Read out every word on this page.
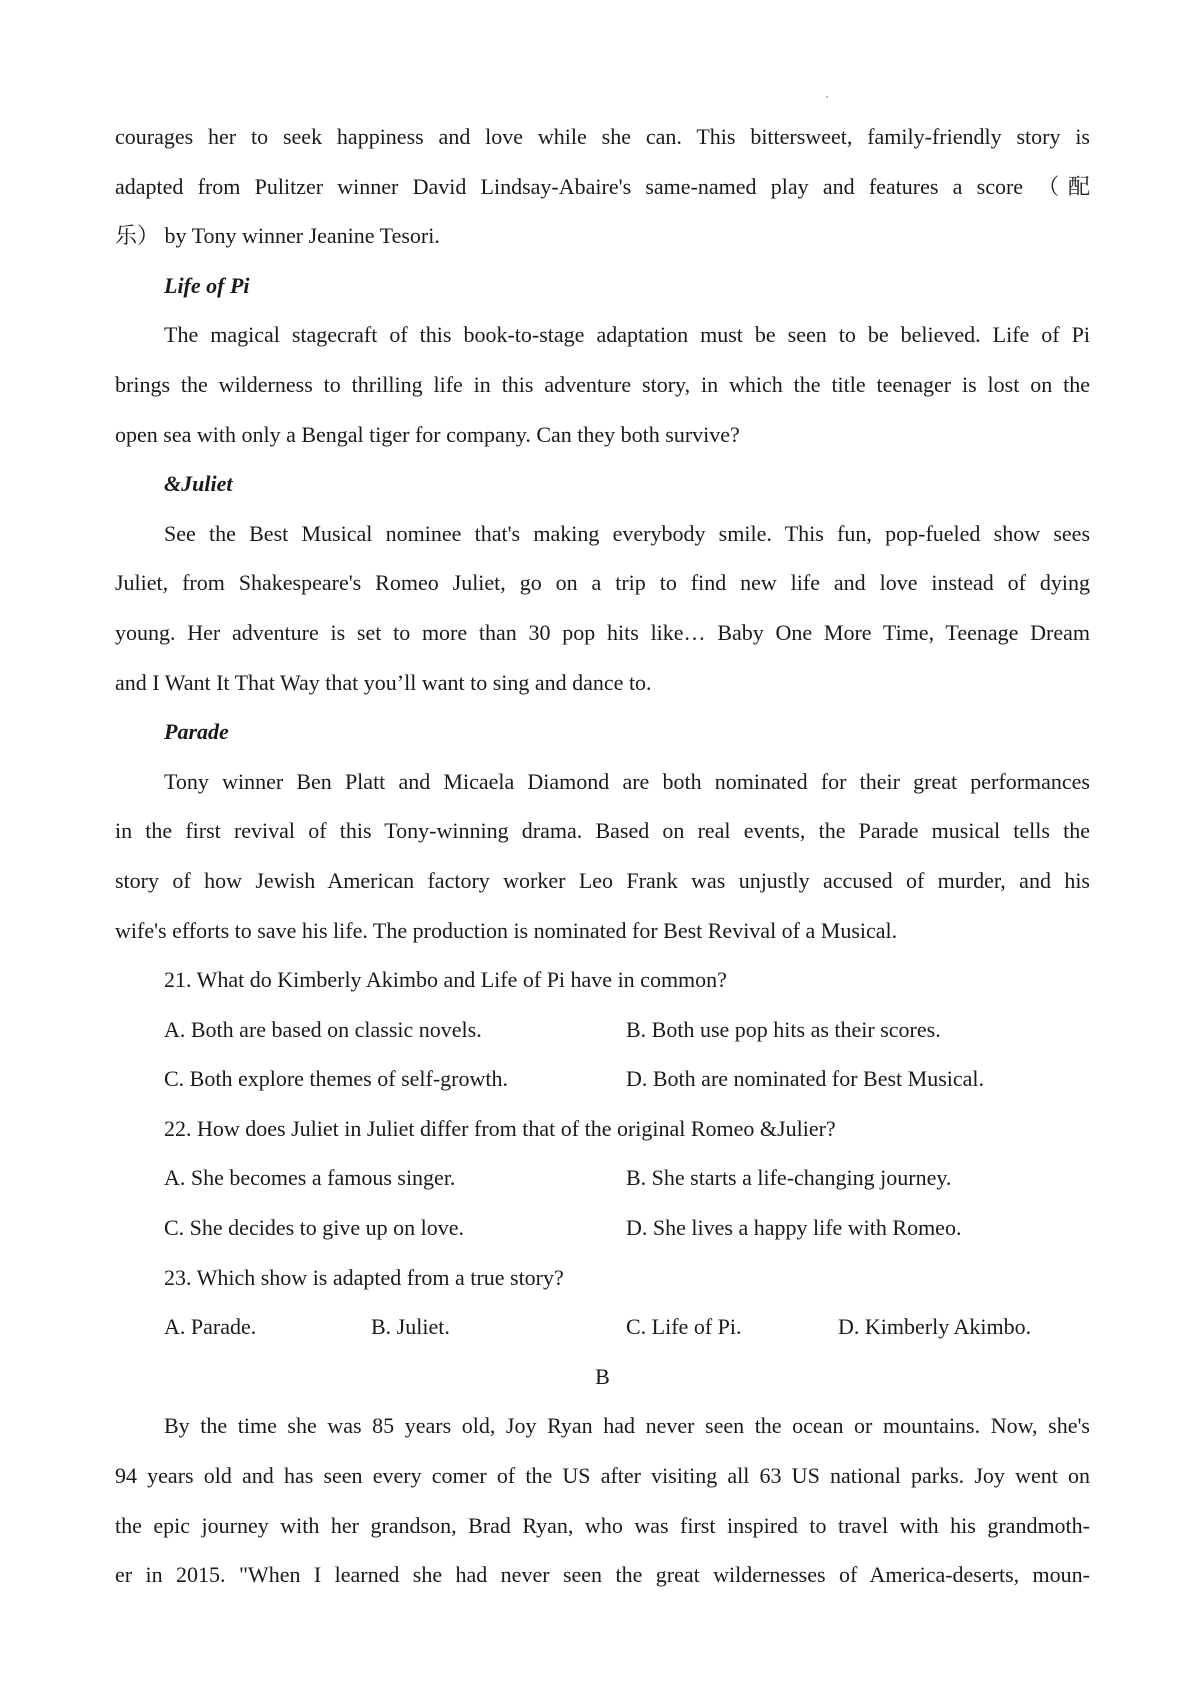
courages her to seek happiness and love while she can. This bittersweet, family-friendly story is
adapted from Pulitzer winner David Lindsay-Abaire's same-named play and features a score （配
乐） by Tony winner Jeanine Tesori.
Life of Pi
The magical stagecraft of this book-to-stage adaptation must be seen to be believed. Life of Pi
brings the wilderness to thrilling life in this adventure story, in which the title teenager is lost on the
open sea with only a Bengal tiger for company. Can they both survive?
&Juliet
See the Best Musical nominee that's making everybody smile. This fun, pop-fueled show sees
Juliet, from Shakespeare's Romeo Juliet, go on a trip to find new life and love instead of dying
young. Her adventure is set to more than 30 pop hits like… Baby One More Time, Teenage Dream
and I Want It That Way that you’ll want to sing and dance to.
Parade
Tony winner Ben Platt and Micaela Diamond are both nominated for their great performances
in the first revival of this Tony-winning drama. Based on real events, the Parade musical tells the
story of how Jewish American factory worker Leo Frank was unjustly accused of murder, and his
wife's efforts to save his life. The production is nominated for Best Revival of a Musical.
21. What do Kimberly Akimbo and Life of Pi have in common?
A. Both are based on classic novels.	B. Both use pop hits as their scores.
C. Both explore themes of self-growth.	D. Both are nominated for Best Musical.
22. How does Juliet in Juliet differ from that of the original Romeo &Julier?
A. She becomes a famous singer.	B. She starts a life-changing journey.
C. She decides to give up on love.	D. She lives a happy life with Romeo.
23. Which show is adapted from a true story?
A. Parade.	B. Juliet.	C. Life of Pi.	D. Kimberly Akimbo.
B
By the time she was 85 years old, Joy Ryan had never seen the ocean or mountains. Now, she's
94 years old and has seen every comer of the US after visiting all 63 US national parks. Joy went on
the epic journey with her grandson, Brad Ryan, who was first inspired to travel with his grandmoth-
er in 2015. "When I learned she had never seen the great wildernesses of America-deserts, moun-
